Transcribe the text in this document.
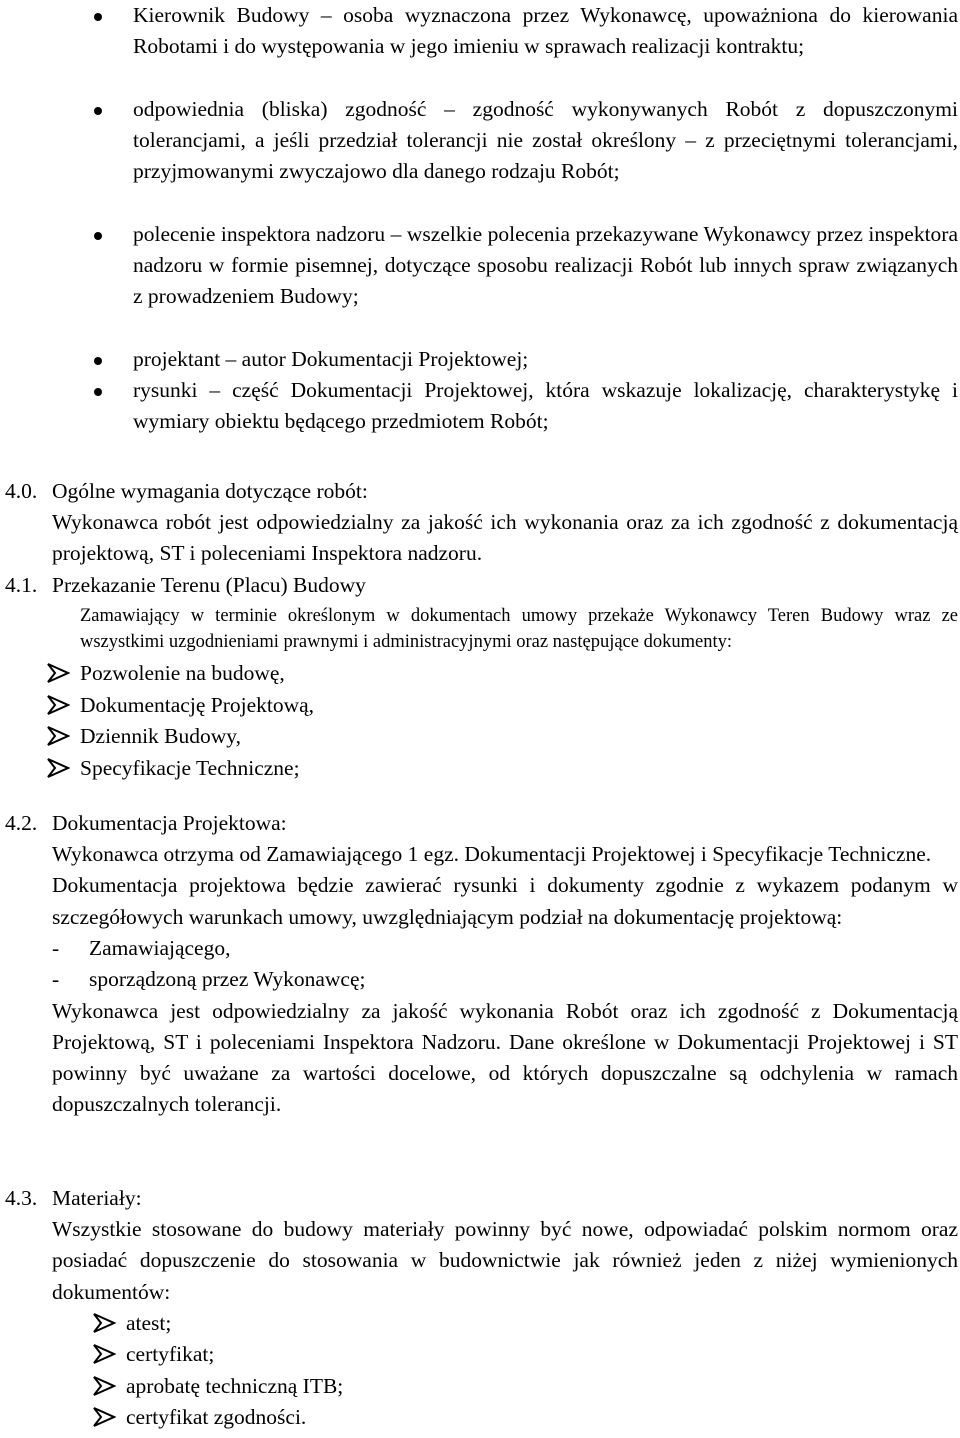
Kierownik Budowy – osoba wyznaczona przez Wykonawcę, upoważniona do kierowania Robotami i do występowania w jego imieniu w sprawach realizacji kontraktu;
odpowiednia (bliska) zgodność – zgodność wykonywanych Robót z dopuszczonymi tolerancjami, a jeśli przedział tolerancji nie został określony – z przeciętnymi tolerancjami, przyjmowanymi zwyczajowo dla danego rodzaju Robót;
polecenie inspektora nadzoru – wszelkie polecenia przekazywane Wykonawcy przez inspektora nadzoru w formie pisemnej, dotyczące sposobu realizacji Robót lub innych spraw związanych z prowadzeniem Budowy;
projektant – autor Dokumentacji Projektowej;
rysunki – część Dokumentacji Projektowej, która wskazuje lokalizację, charakterystykę i wymiary obiektu będącego przedmiotem Robót;
4.0. Ogólne wymagania dotyczące robót:
Wykonawca robót jest odpowiedzialny za jakość ich wykonania oraz za ich zgodność z dokumentacją projektową, ST i poleceniami Inspektora nadzoru.
4.1. Przekazanie Terenu (Placu) Budowy
Zamawiający w terminie określonym w dokumentach umowy przekaże Wykonawcy Teren Budowy wraz ze wszystkimi uzgodnieniami prawnymi i administracyjnymi oraz następujące dokumenty:
Pozwolenie na budowę,
Dokumentację Projektową,
Dziennik Budowy,
Specyfikacje Techniczne;
4.2. Dokumentacja Projektowa:
Wykonawca otrzyma od Zamawiającego 1 egz. Dokumentacji Projektowej i Specyfikacje Techniczne.
Dokumentacja projektowa będzie zawierać rysunki i dokumenty zgodnie z wykazem podanym w szczegółowych warunkach umowy, uwzględniającym podział na dokumentację projektową:
- Zamawiającego,
- sporządzoną przez Wykonawcę;
Wykonawca jest odpowiedzialny za jakość wykonania Robót oraz ich zgodność z Dokumentacją Projektową, ST i poleceniami Inspektora Nadzoru. Dane określone w Dokumentacji Projektowej i ST powinny być uważane za wartości docelowe, od których dopuszczalne są odchylenia w ramach dopuszczalnych tolerancji.
4.3. Materiały:
Wszystkie stosowane do budowy materiały powinny być nowe, odpowiadać polskim normom oraz posiadać dopuszczenie do stosowania w budownictwie jak również jeden z niżej wymienionych dokumentów:
atest;
certyfikat;
aprobatę techniczną ITB;
certyfikat zgodności.
